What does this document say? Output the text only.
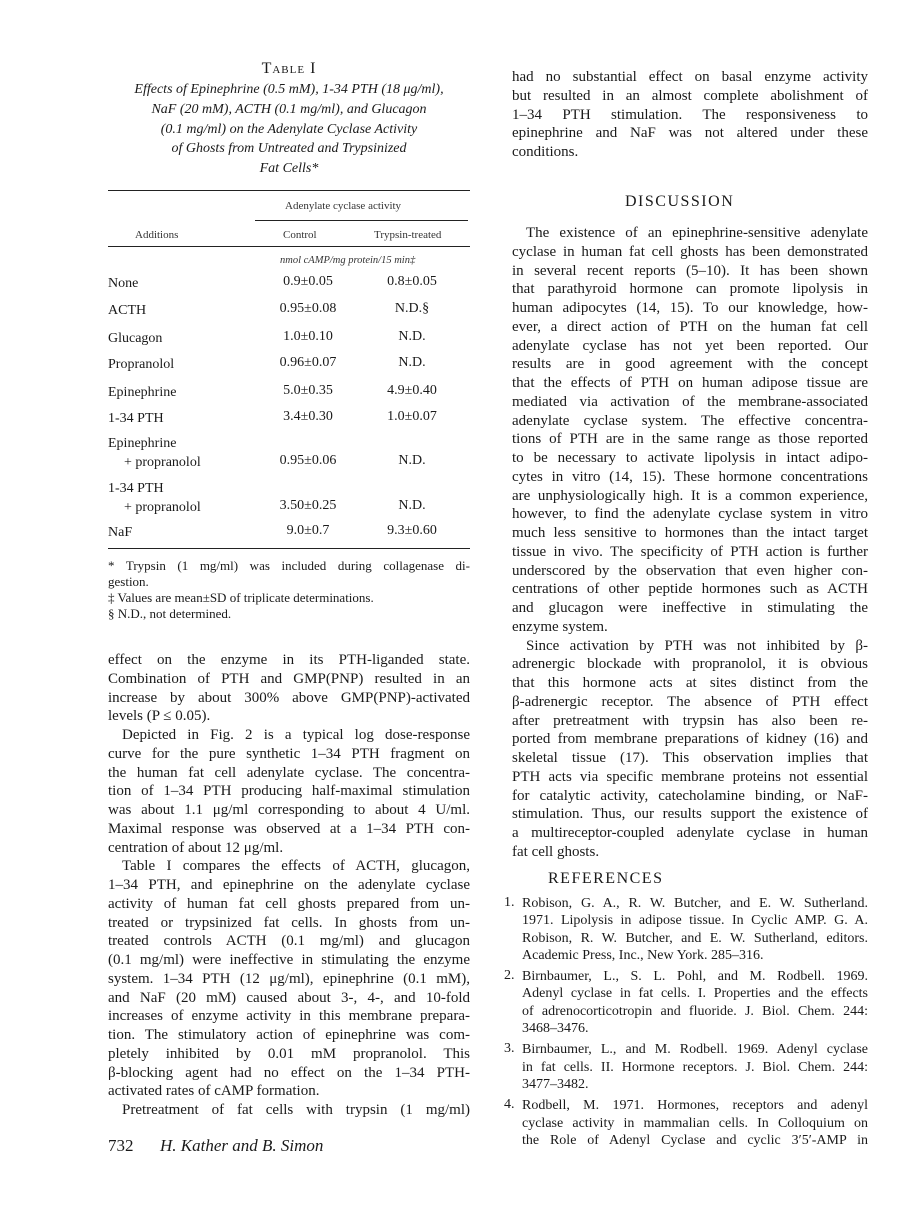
Table I
Effects of Epinephrine (0.5 mM), 1-34 PTH (18 μg/ml),
NaF (20 mM), ACTH (0.1 mg/ml), and Glucagon
(0.1 mg/ml) on the Adenylate Cyclase Activity
of Ghosts from Untreated and Trypsinized
Fat Cells*
Adenylate cyclase activity
Additions	Control	Trypsin-treated
nmol cAMP/mg protein/15 min‡
None	0.9±0.05	0.8±0.05
ACTH	0.95±0.08	N.D.§
Glucagon	1.0±0.10	N.D.
Propranolol	0.96±0.07	N.D.
Epinephrine	5.0±0.35	4.9±0.40
1-34 PTH	3.4±0.30	1.0±0.07
Epinephrine
+ propranolol	0.95±0.06	N.D.
1-34 PTH
+ propranolol	3.50±0.25	N.D.
NaF	9.0±0.7	9.3±0.60
* Trypsin (1 mg/ml) was included during collagenase di-
gestion.
‡ Values are mean±SD of triplicate determinations.
§ N.D., not determined.
effect on the enzyme in its PTH-liganded state.
Combination of PTH and GMP(PNP) resulted in an
increase by about 300% above GMP(PNP)-activated
levels (P ≤ 0.05).
Depicted in Fig. 2 is a typical log dose-response
curve for the pure synthetic 1–34 PTH fragment on
the human fat cell adenylate cyclase. The concentra-
tion of 1–34 PTH producing half-maximal stimulation
was about 1.1 μg/ml corresponding to about 4 U/ml.
Maximal response was observed at a 1–34 PTH con-
centration of about 12 μg/ml.
Table I compares the effects of ACTH, glucagon,
1–34 PTH, and epinephrine on the adenylate cyclase
activity of human fat cell ghosts prepared from un-
treated or trypsinized fat cells. In ghosts from un-
treated controls ACTH (0.1 mg/ml) and glucagon
(0.1 mg/ml) were ineffective in stimulating the enzyme
system. 1–34 PTH (12 μg/ml), epinephrine (0.1 mM),
and NaF (20 mM) caused about 3-, 4-, and 10-fold
increases of enzyme activity in this membrane prepara-
tion. The stimulatory action of epinephrine was com-
pletely inhibited by 0.01 mM propranolol. This
β-blocking agent had no effect on the 1–34 PTH-
activated rates of cAMP formation.
Pretreatment of fat cells with trypsin (1 mg/ml)
had no substantial effect on basal enzyme activity
but resulted in an almost complete abolishment of
1–34 PTH stimulation. The responsiveness to
epinephrine and NaF was not altered under these
conditions.
DISCUSSION
The existence of an epinephrine-sensitive adenylate
cyclase in human fat cell ghosts has been demonstrated
in several recent reports (5–10). It has been shown
that parathyroid hormone can promote lipolysis in
human adipocytes (14, 15). To our knowledge, how-
ever, a direct action of PTH on the human fat cell
adenylate cyclase has not yet been reported. Our
results are in good agreement with the concept
that the effects of PTH on human adipose tissue are
mediated via activation of the membrane-associated
adenylate cyclase system. The effective concentra-
tions of PTH are in the same range as those reported
to be necessary to activate lipolysis in intact adipo-
cytes in vitro (14, 15). These hormone concentrations
are unphysiologically high. It is a common experience,
however, to find the adenylate cyclase system in vitro
much less sensitive to hormones than the intact target
tissue in vivo. The specificity of PTH action is further
underscored by the observation that even higher con-
centrations of other peptide hormones such as ACTH
and glucagon were ineffective in stimulating the
enzyme system.
Since activation by PTH was not inhibited by β-
adrenergic blockade with propranolol, it is obvious
that this hormone acts at sites distinct from the
β-adrenergic receptor. The absence of PTH effect
after pretreatment with trypsin has also been re-
ported from membrane preparations of kidney (16) and
skeletal tissue (17). This observation implies that
PTH acts via specific membrane proteins not essential
for catalytic activity, catecholamine binding, or NaF-
stimulation. Thus, our results support the existence of
a multireceptor-coupled adenylate cyclase in human
fat cell ghosts.
REFERENCES
1. Robison, G. A., R. W. Butcher, and E. W. Sutherland.
1971. Lipolysis in adipose tissue. In Cyclic AMP. G. A.
Robison, R. W. Butcher, and E. W. Sutherland, editors.
Academic Press, Inc., New York. 285–316.
2. Birnbaumer, L., S. L. Pohl, and M. Rodbell. 1969.
Adenyl cyclase in fat cells. I. Properties and the effects
of adrenocorticotropin and fluoride. J. Biol. Chem. 244:
3468–3476.
3. Birnbaumer, L., and M. Rodbell. 1969. Adenyl cyclase
in fat cells. II. Hormone receptors. J. Biol. Chem. 244:
3477–3482.
4. Rodbell, M. 1971. Hormones, receptors and adenyl
cyclase activity in mammalian cells. In Colloquium on
the Role of Adenyl Cyclase and cyclic 3′5′-AMP in
732 H. Kather and B. Simon
